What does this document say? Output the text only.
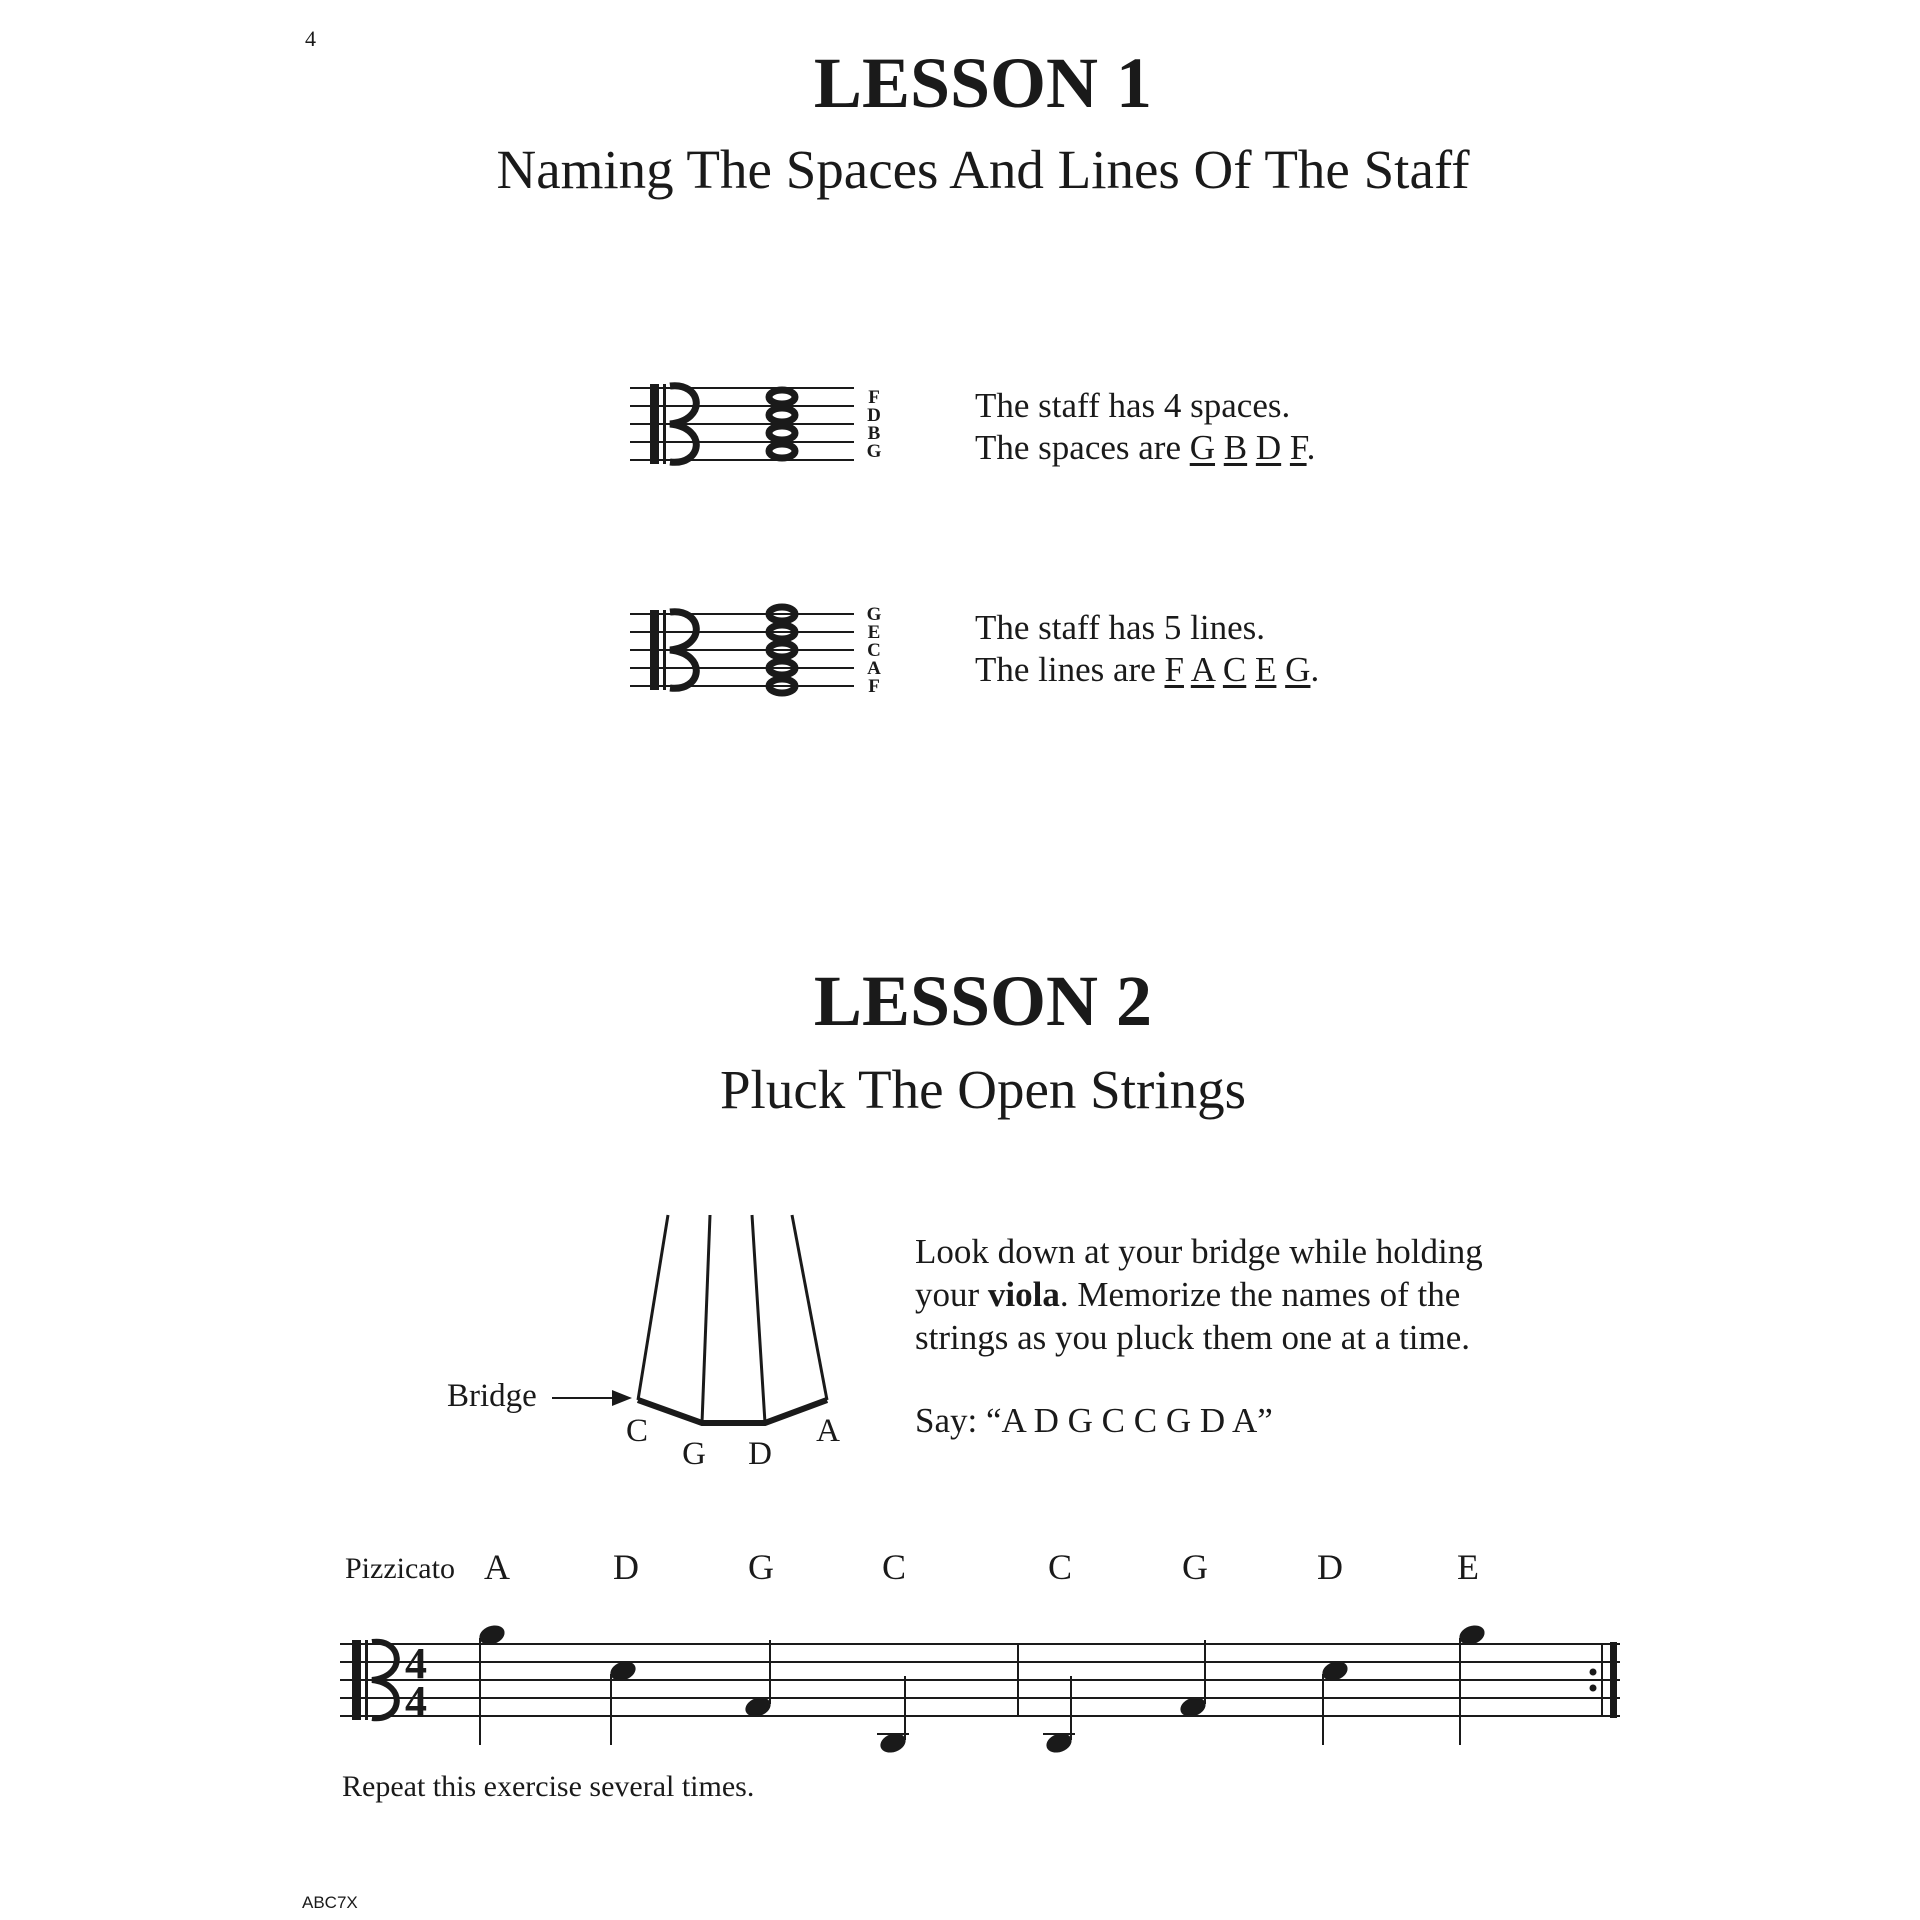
4
LESSON 1
Naming The Spaces And Lines Of The Staff
F
D
B
G
The staff has 4 spaces.
The spaces are G B D F.
G
E
C
A
F
The staff has 5 lines.
The lines are F A C E G.
LESSON 2
Pluck The Open Strings
Bridge
C
G D
A
Look down at your bridge while holding
your viola. Memorize the names of the
strings as you pluck them one at a time.
Say: “A D G C C G D A”
Pizzicato A	D	G	C	C	G	D	E
4
4
Repeat this exercise several times.
ABC7X
